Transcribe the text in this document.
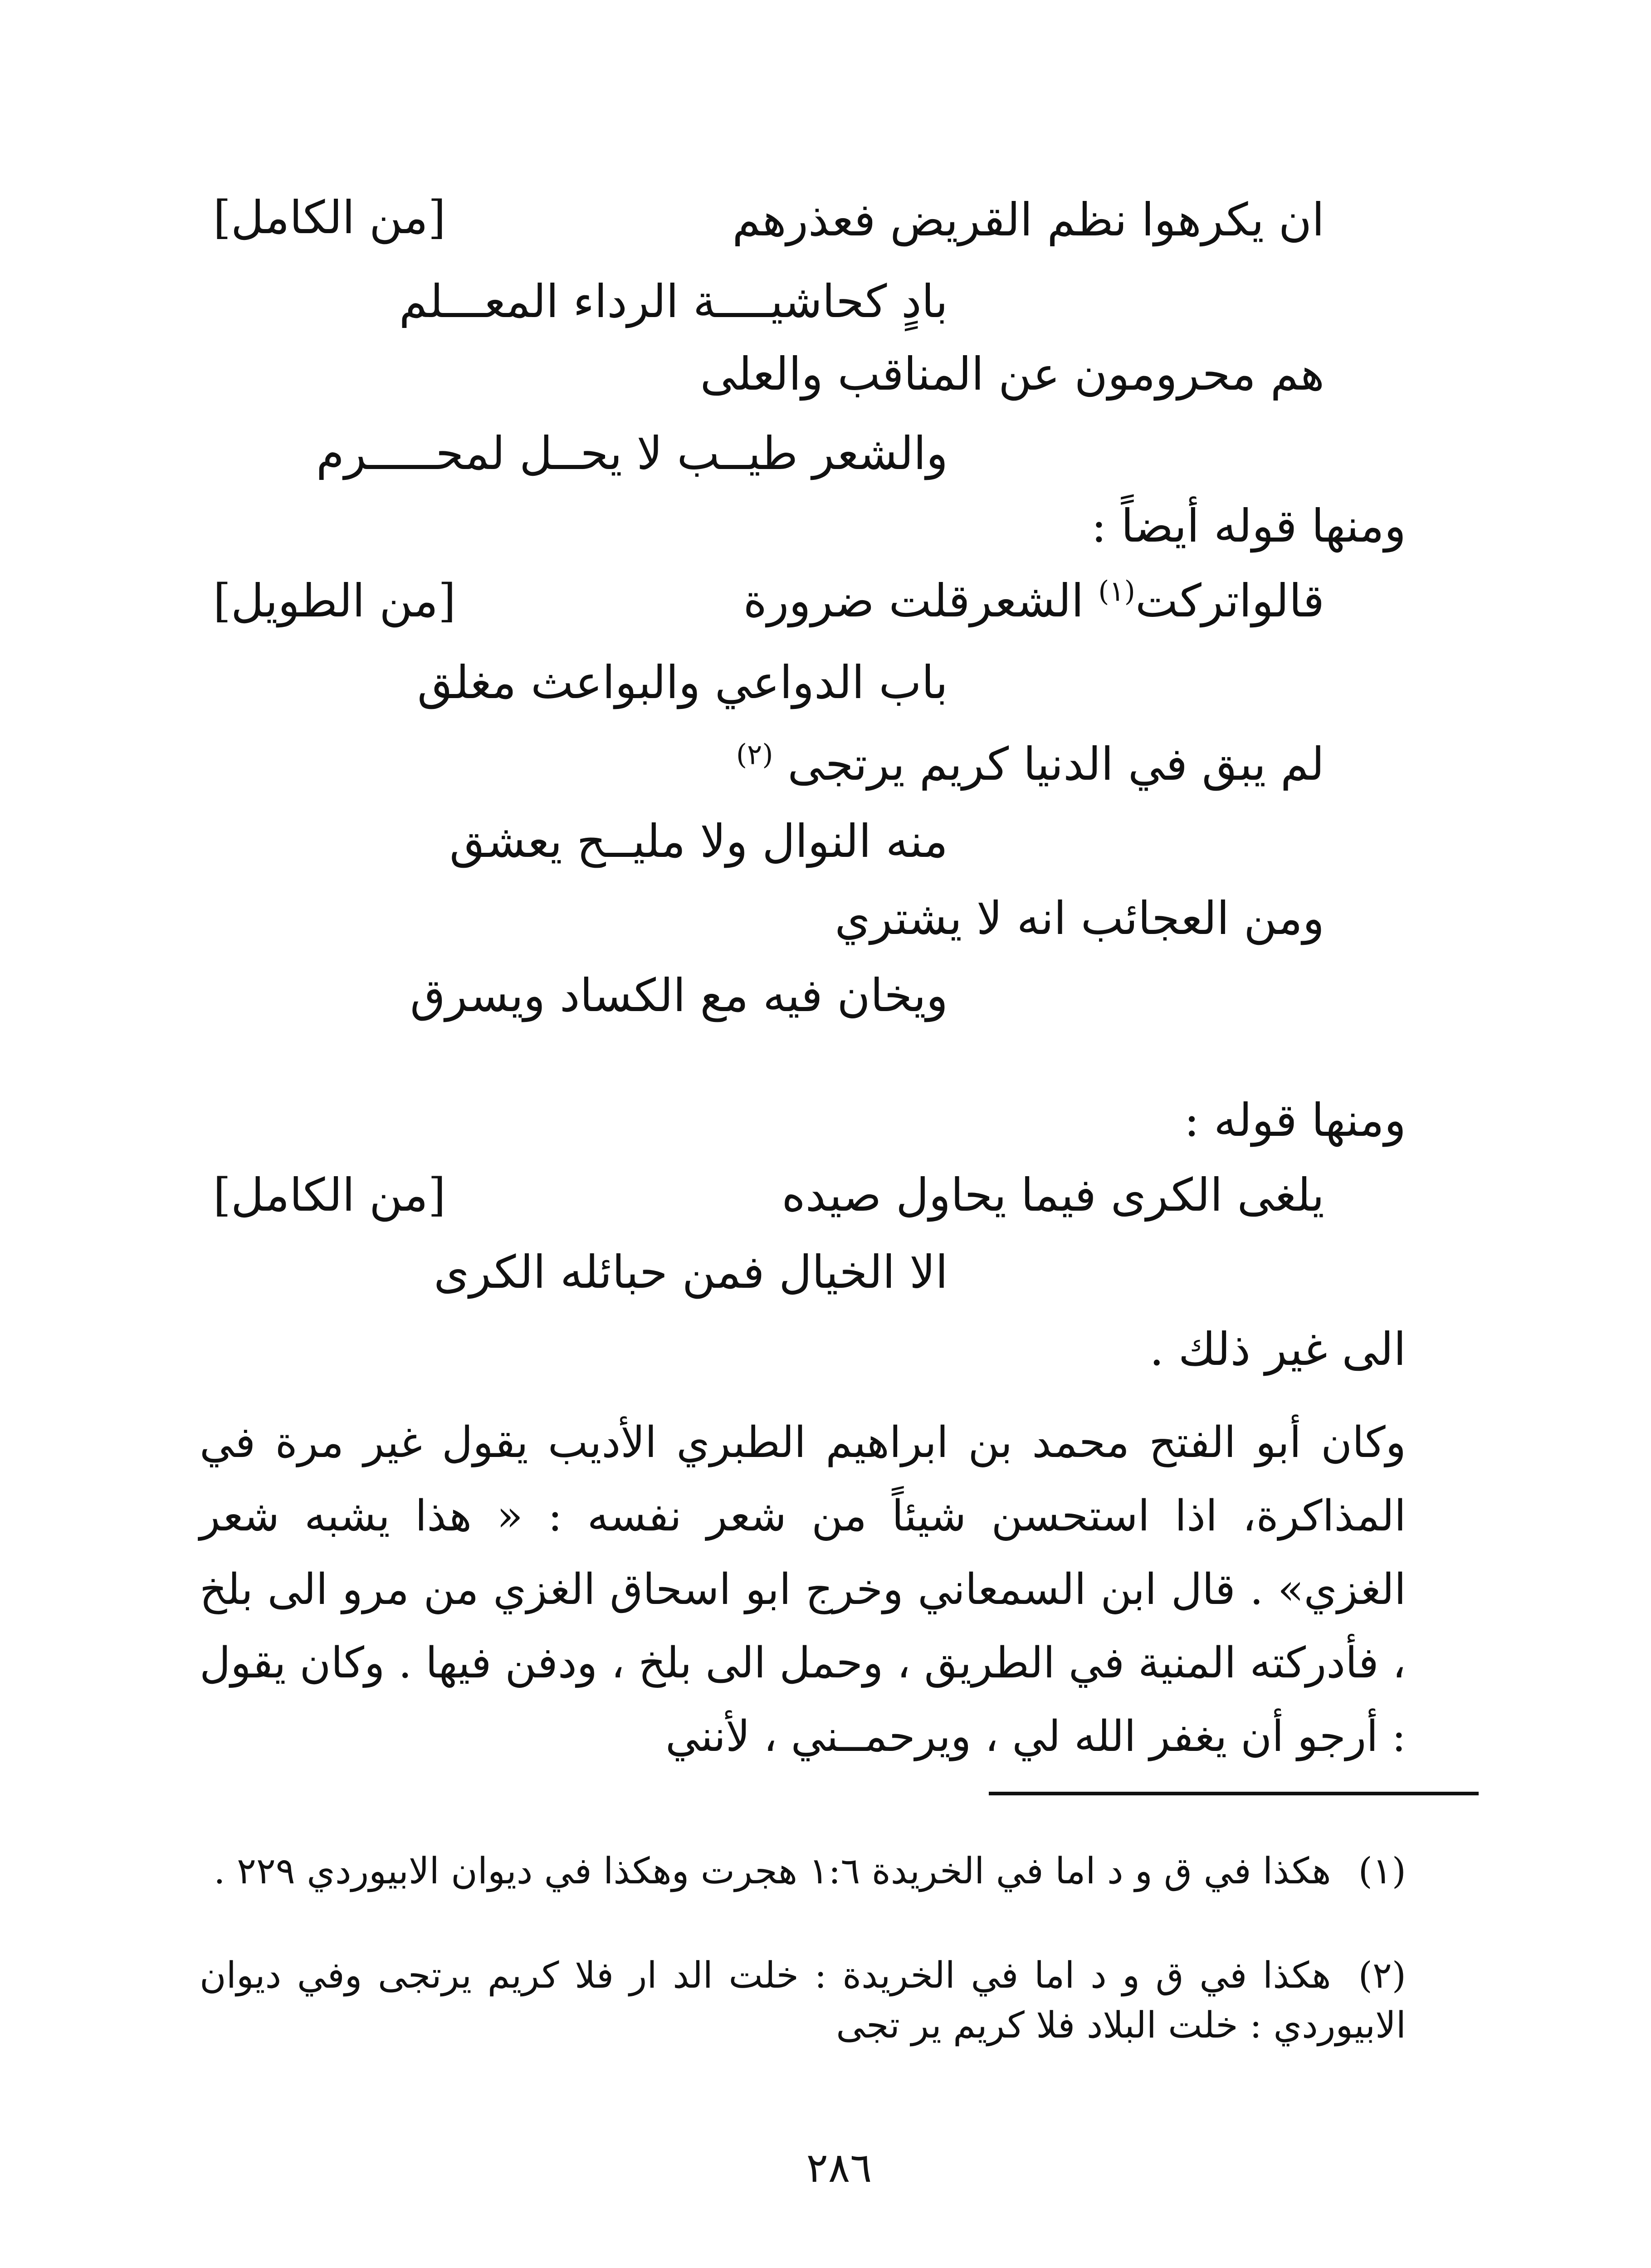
[من الكامل]	ان يكرهوا نظم القريض فعذرهم
بادٍ كحاشيــــة الرداء المعـــلم
هم محرومون عن المناقب والعلى
والشعر طيــب لا يحــل لمحـــــرم
ومنها قوله أيضاً :
[من الطويل]	قالواتركت$^{(١)}$ الشعرقلت ضرورة
باب الدواعي والبواعث مغلق
لم يبق في الدنيا كريم يرتجى $^{(٢)}$
منه النوال ولا مليــح يعشق
ومن العجائب انه لا يشتري
ويخان فيه مع الكساد ويسرق
ومنها قوله :
[من الكامل]	يلغى الكرى فيما يحاول صيده
الا الخيال فمن حبائله الكرى
الى غير ذلك .
وكان أبو الفتح محمد بن ابراهيم الطبري الأديب يقول غير مرة في المذاكرة، اذا استحسن شيئاً من شعر نفسه : « هذا يشبه شعر الغزي» . قال ابن السمعاني وخرج ابو اسحاق الغزي من مرو الى بلخ ، فأدركته المنية في الطريق ، وحمل الى بلخ ، ودفن فيها . وكان يقول : أرجو أن يغفر الله لي ، ويرحمــني ، لأنني
(١)هكذا في ق و د اما في الخريدة ١:٦ هجرت وهكذا في ديوان الابيوردي ٢٢٩ .
(٢)هكذا في ق و د اما في الخريدة : خلت الد ار فلا كريم يرتجى وفي ديوان الابيوردي : خلت البلاد فلا كريم ير تجى
٢٨٦
